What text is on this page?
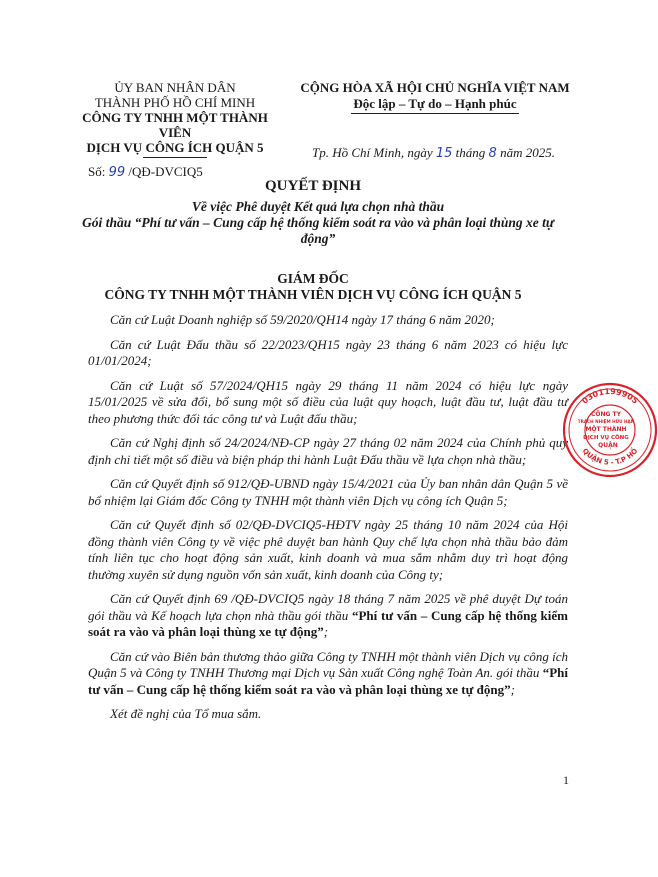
ỦY BAN NHÂN DÂN
THÀNH PHỐ HỒ CHÍ MINH
CÔNG TY TNHH MỘT THÀNH VIÊN
DỊCH VỤ CÔNG ÍCH QUẬN 5
Số: 99 /QĐ-DVCIQ5
CỘNG HÒA XÃ HỘI CHỦ NGHĨA VIỆT NAM
Độc lập – Tự do – Hạnh phúc
Tp. Hồ Chí Minh, ngày 15 tháng 8 năm 2025.
QUYẾT ĐỊNH
Về việc Phê duyệt Kết quả lựa chọn nhà thầu
Gói thầu “Phí tư vấn – Cung cấp hệ thống kiểm soát ra vào và phân loại thùng xe tự động”
GIÁM ĐỐC
CÔNG TY TNHH MỘT THÀNH VIÊN DỊCH VỤ CÔNG ÍCH QUẬN 5

Căn cứ Luật Doanh nghiệp số 59/2020/QH14 ngày 17 tháng 6 năm 2020;

Căn cứ Luật Đấu thầu số 22/2023/QH15 ngày 23 tháng 6 năm 2023 có hiệu lực 01/01/2024;

Căn cứ Luật số 57/2024/QH15 ngày 29 tháng 11 năm 2024 có hiệu lực ngày 15/01/2025 về sửa đổi, bổ sung một số điều của luật quy hoạch, luật đầu tư, luật đầu tư theo phương thức đối tác công tư và Luật đấu thầu;

Căn cứ Nghị định số 24/2024/NĐ-CP ngày 27 tháng 02 năm 2024 của Chính phủ quy định chi tiết một số điều và biện pháp thi hành Luật Đấu thầu về lựa chọn nhà thầu;

Căn cứ Quyết định số 912/QĐ-UBND ngày 15/4/2021 của Ủy ban nhân dân Quận 5 về bổ nhiệm lại Giám đốc Công ty TNHH một thành viên Dịch vụ công ích Quận 5;

Căn cứ Quyết định số 02/QĐ-DVCIQ5-HĐTV ngày 25 tháng 10 năm 2024 của Hội đồng thành viên Công ty về việc phê duyệt ban hành Quy chế lựa chọn nhà thầu bảo đảm tính liên tục cho hoạt động sản xuất, kinh doanh và mua sắm nhằm duy trì hoạt động thường xuyên sử dụng nguồn vốn sản xuất, kinh doanh của Công ty;

Căn cứ Quyết định 69 /QĐ-DVCIQ5 ngày 18 tháng 7 năm 2025 về phê duyệt Dự toán gói thầu và Kế hoạch lựa chọn nhà thầu gói thầu “Phí tư vấn – Cung cấp hệ thống kiểm soát ra vào và phân loại thùng xe tự động”;

Căn cứ vào Biên bản thương thảo giữa Công ty TNHH một thành viên Dịch vụ công ích Quận 5 và Công ty TNHH Thương mại Dịch vụ Sản xuất Công nghệ Toàn An. gói thầu “Phí tư vấn – Cung cấp hệ thống kiểm soát ra vào và phân loại thùng xe tự động”;

Xét đề nghị của Tổ mua sắm.

1
0301199905
QUẬN 5 - T.P HỒ
CÔNG TY
TRÁCH NHIỆM HỮU HẠN
MỘT THÀNH
DỊCH VỤ CÔNG
QUẬN
